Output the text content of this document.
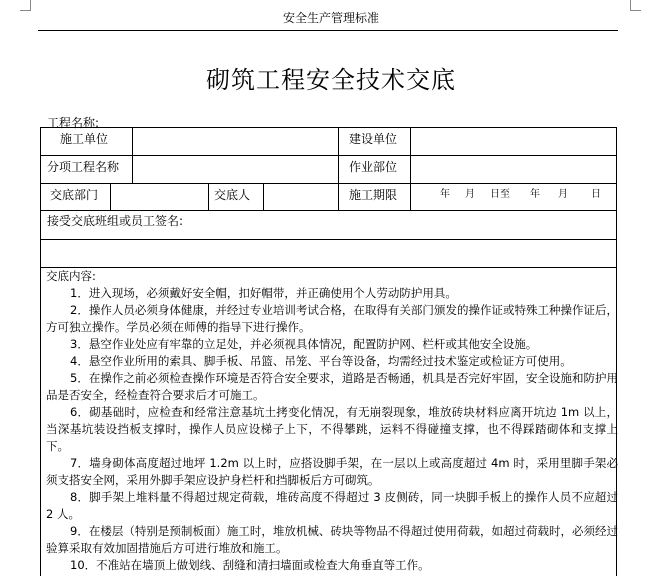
安全生产管理标准
砌筑工程安全技术交底
工程名称:
施工单位	建设单位
分项工程名称	作业部位
交底部门	交底人	施工期限	年 月 日至 年 月 日
接受交底班组或员工签名:

交底内容:

1．进入现场，必须戴好安全帽，扣好帽带，并正确使用个人劳动防护用具。

2．操作人员必须身体健康，并经过专业培训考试合格，在取得有关部门颁发的操作证或特殊工种操作证后，方可独立操作。学员必须在师傅的指导下进行操作。

3．悬空作业处应有牢靠的立足处，并必须视具体情况，配置防护网、栏杆或其他安全设施。

4．悬空作业所用的索具、脚手板、吊篮、吊笼、平台等设备，均需经过技术鉴定或检证方可使用。

5．在操作之前必须检查操作环境是否符合安全要求，道路是否畅通，机具是否完好牢固，安全设施和防护用品是否安全，经检查符合要求后才可施工。

6．砌基础时，应检查和经常注意基坑土拷变化情况，有无崩裂现象，堆放砖块材料应离开坑边 1m 以上，当深基坑装设挡板支撑时，操作人员应设梯子上下，不得攀跳，运料不得碰撞支撑，也不得踩踏砌体和支撑上下。

7．墙身砌体高度超过地坪 1.2m 以上时，应搭设脚手架，在一层以上或高度超过 4m 时，采用里脚手架必须支搭安全网，采用外脚手架应设护身栏杆和挡脚板后方可砌筑。

8．脚手架上堆料量不得超过规定荷载，堆砖高度不得超过 3 皮侧砖，同一块脚手板上的操作人员不应超过 2 人。

9．在楼层（特别是预制板面）施工时，堆放机械、砖块等物品不得超过使用荷载，如超过荷载时，必须经过验算采取有效加固措施后方可进行堆放和施工。

10．不准站在墙顶上做划线、刮缝和清扫墙面或检查大角垂直等工作。
